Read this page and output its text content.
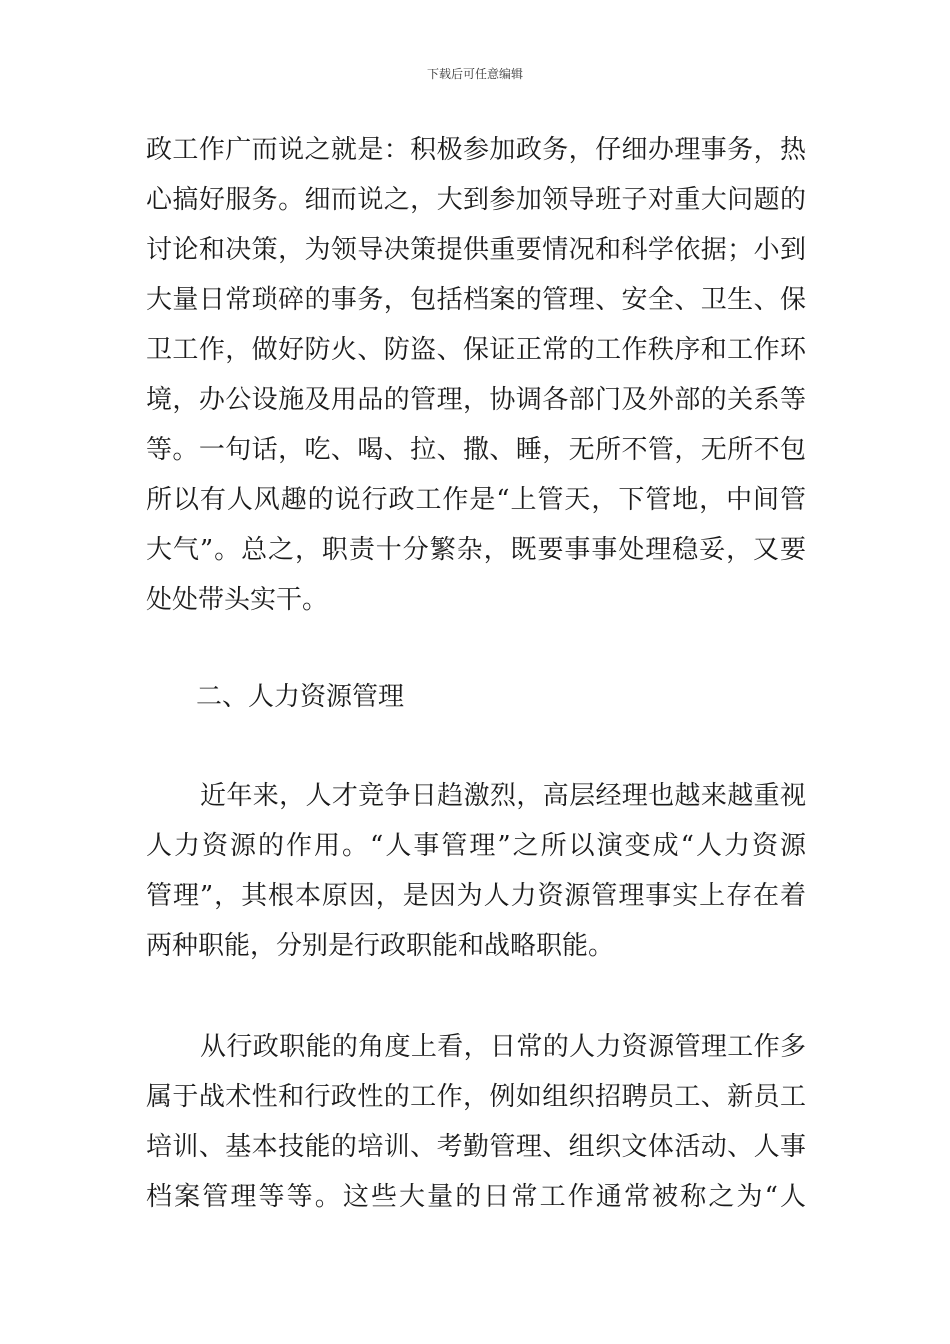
下载后可任意编辑
政工作广而说之就是：积极参加政务，仔细办理事务，热
心搞好服务。细而说之，大到参加领导班子对重大问题的
讨论和决策，为领导决策提供重要情况和科学依据；小到
大量日常琐碎的事务，包括档案的管理、安全、卫生、保
卫工作，做好防火、防盗、保证正常的工作秩序和工作环
境，办公设施及用品的管理，协调各部门及外部的关系等
等。一句话，吃、喝、拉、撒、睡，无所不管，无所不包
所以有人风趣的说行政工作是“上管天，下管地，中间管
大气”。总之，职责十分繁杂，既要事事处理稳妥，又要
处处带头实干。
二、人力资源管理
近年来，人才竞争日趋激烈，高层经理也越来越重视
人力资源的作用。“人事管理”之所以演变成“人力资源
管理”，其根本原因，是因为人力资源管理事实上存在着
两种职能，分别是行政职能和战略职能。
从行政职能的角度上看，日常的人力资源管理工作多
属于战术性和行政性的工作，例如组织招聘员工、新员工
培训、基本技能的培训、考勤管理、组织文体活动、人事
档案管理等等。这些大量的日常工作通常被称之为“人
